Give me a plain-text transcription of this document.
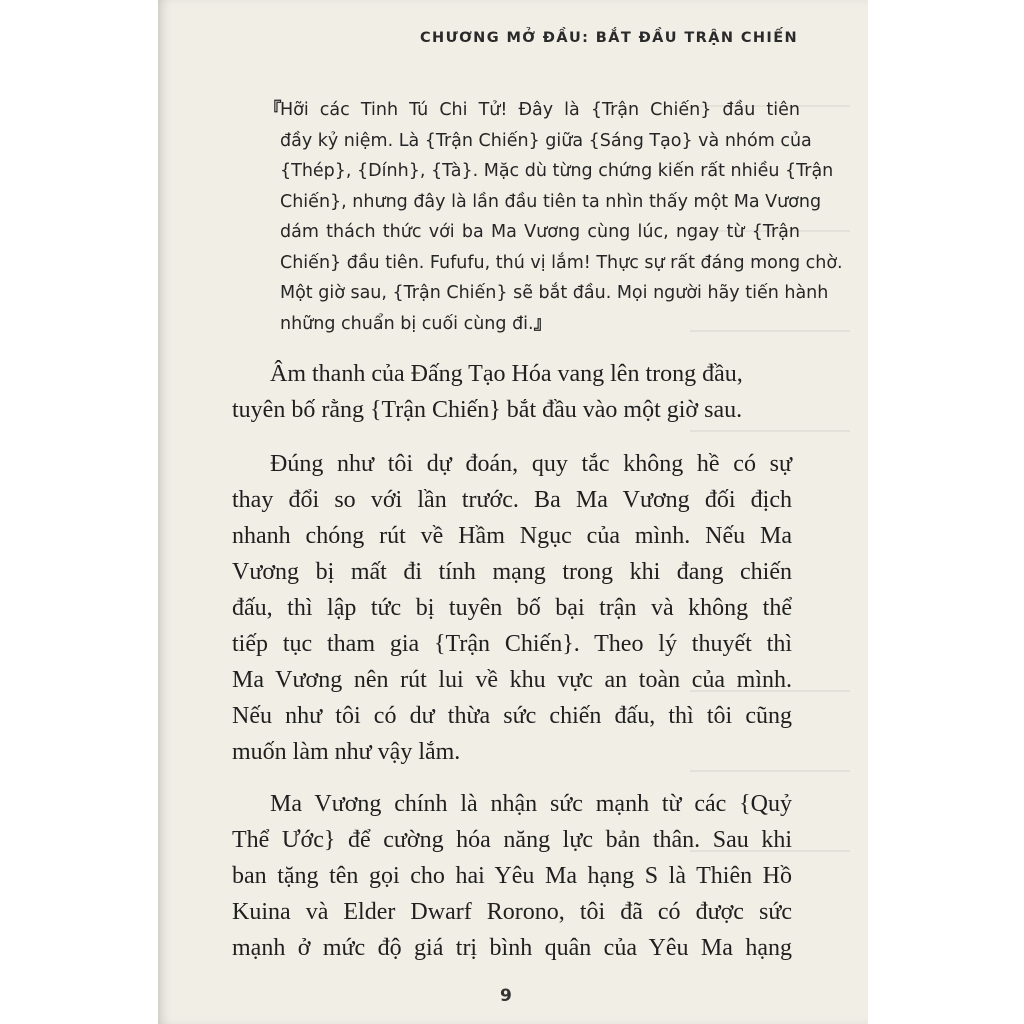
CHƯƠNG MỞ ĐẦU: BẮT ĐẦU TRẬN CHIẾN
『
Hỡi các Tinh Tú Chi Tử! Đây là {Trận Chiến} đầu tiên
đầy kỷ niệm. Là {Trận Chiến} giữa {Sáng Tạo} và nhóm của
{Thép}, {Dính}, {Tà}. Mặc dù từng chứng kiến rất nhiều {Trận
Chiến}, nhưng đây là lần đầu tiên ta nhìn thấy một Ma Vương
dám thách thức với ba Ma Vương cùng lúc, ngay từ {Trận
Chiến} đầu tiên. Fufufu, thú vị lắm! Thực sự rất đáng mong chờ.
Một giờ sau, {Trận Chiến} sẽ bắt đầu. Mọi người hãy tiến hành
những chuẩn bị cuối cùng đi.』
Âm thanh của Đấng Tạo Hóa vang lên trong đầu,
tuyên bố rằng {Trận Chiến} bắt đầu vào một giờ sau.
Đúng như tôi dự đoán, quy tắc không hề có sự
thay đổi so với lần trước. Ba Ma Vương đối địch
nhanh chóng rút về Hầm Ngục của mình. Nếu Ma
Vương bị mất đi tính mạng trong khi đang chiến
đấu, thì lập tức bị tuyên bố bại trận và không thể
tiếp tục tham gia {Trận Chiến}. Theo lý thuyết thì
Ma Vương nên rút lui về khu vực an toàn của mình.
Nếu như tôi có dư thừa sức chiến đấu, thì tôi cũng
muốn làm như vậy lắm.
Ma Vương chính là nhận sức mạnh từ các {Quỷ
Thể Ước} để cường hóa năng lực bản thân. Sau khi
ban tặng tên gọi cho hai Yêu Ma hạng S là Thiên Hồ
Kuina và Elder Dwarf Rorono, tôi đã có được sức
mạnh ở mức độ giá trị bình quân của Yêu Ma hạng
9
